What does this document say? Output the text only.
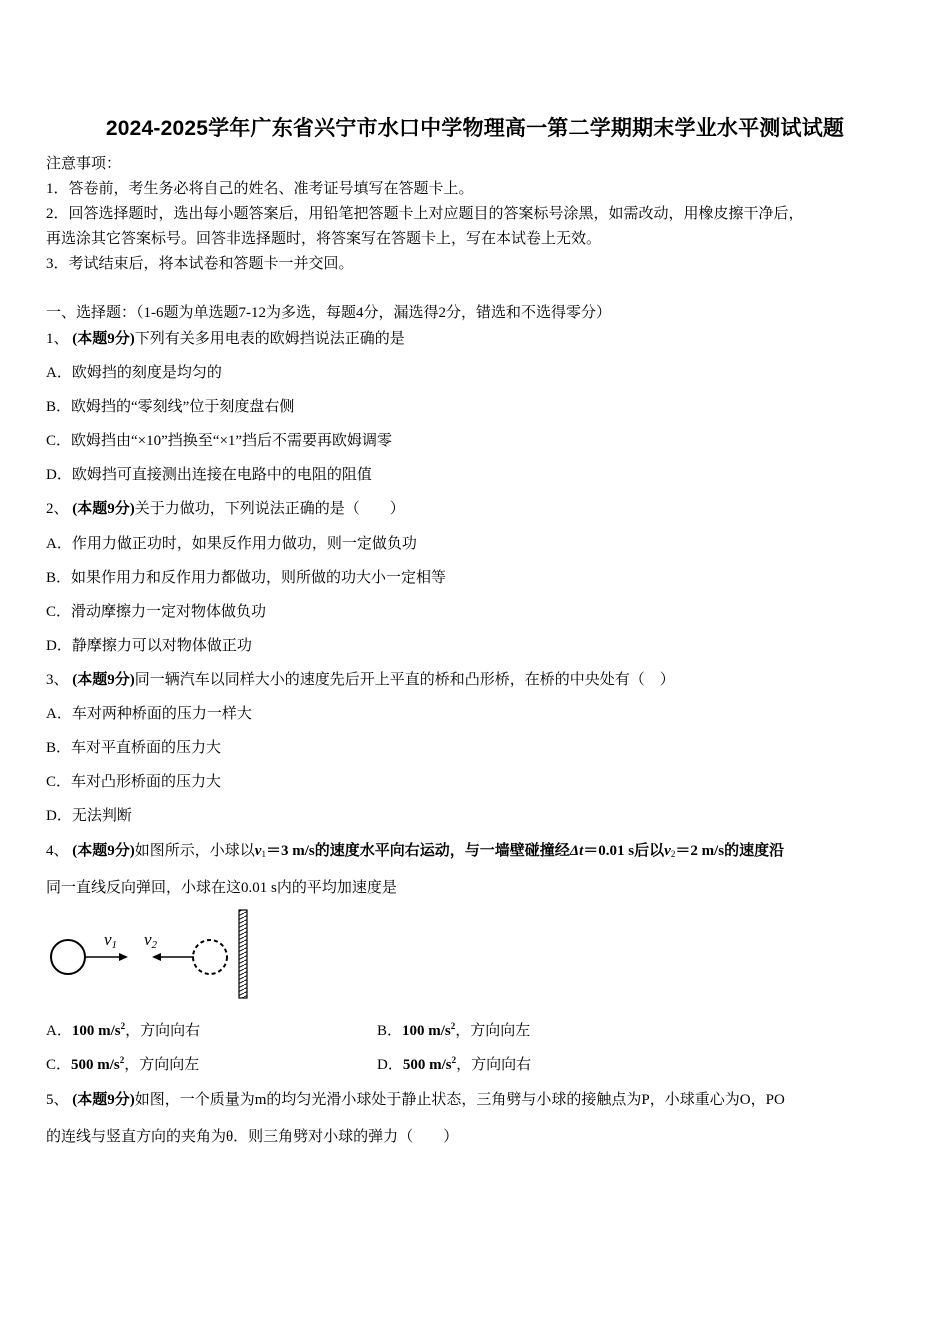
2024-2025学年广东省兴宁市水口中学物理高一第二学期期末学业水平测试试题
注意事项：
1．答卷前，考生务必将自己的姓名、准考证号填写在答题卡上。
2．回答选择题时，选出每小题答案后，用铅笔把答题卡上对应题目的答案标号涂黑，如需改动，用橡皮擦干净后，
再选涂其它答案标号。回答非选择题时，将答案写在答题卡上，写在本试卷上无效。
3．考试结束后，将本试卷和答题卡一并交回。
一、选择题：（1-6题为单选题7-12为多选，每题4分，漏选得2分，错选和不选得零分）
1、 (本题9分)下列有关多用电表的欧姆挡说法正确的是
A．欧姆挡的刻度是均匀的
B．欧姆挡的“零刻线”位于刻度盘右侧
C．欧姆挡由“×10”挡换至“×1”挡后不需要再欧姆调零
D．欧姆挡可直接测出连接在电路中的电阻的阻值
2、 (本题9分)关于力做功，下列说法正确的是（　　）
A．作用力做正功时，如果反作用力做功，则一定做负功
B．如果作用力和反作用力都做功，则所做的功大小一定相等
C．滑动摩擦力一定对物体做负功
D．静摩擦力可以对物体做正功
3、 (本题9分)同一辆汽车以同样大小的速度先后开上平直的桥和凸形桥，在桥的中央处有（　）
A．车对两种桥面的压力一样大
B．车对平直桥面的压力大
C．车对凸形桥面的压力大
D．无法判断
4、 (本题9分)如图所示，小球以$v_1=3$ m/s的速度水平向右运动，与一墙壁碰撞经Δt＝0.01 s后以$v_2=2$ m/s的速度沿
同一直线反向弹回，小球在这0.01 s内的平均加速度是
v1 v2
A．100 $m/s^2$，方向向右	B．100 $m/s^2$，方向向左
C．500 $m/s^2$，方向向左	D．500 $m/s^2$，方向向右
5、 (本题9分)如图，一个质量为m的均匀光滑小球处于静止状态，三角劈与小球的接触点为P，小球重心为O，PO
的连线与竖直方向的夹角为θ．则三角劈对小球的弹力（　　）
